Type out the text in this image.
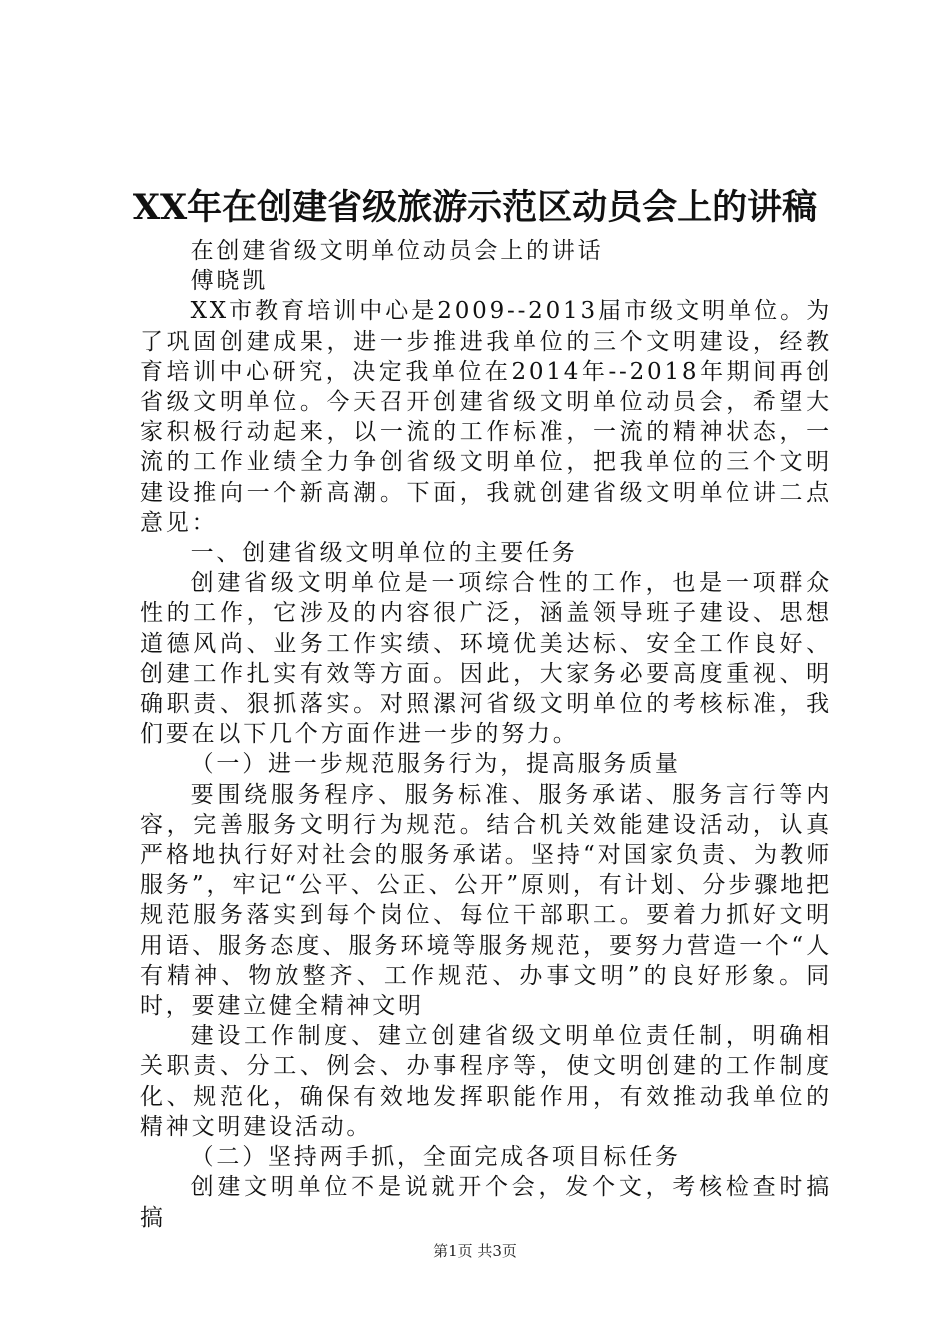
XX年在创建省级旅游示范区动员会上的讲稿

在创建省级文明单位动员会上的讲话

傅晓凯

XX市教育培训中心是2009--2013届市级文明单位。为了巩固创建成果，进一步推进我单位的三个文明建设，经教育培训中心研究，决定我单位在2014年--2018年期间再创省级文明单位。今天召开创建省级文明单位动员会，希望大家积极行动起来，以一流的工作标准，一流的精神状态，一流的工作业绩全力争创省级文明单位，把我单位的三个文明建设推向一个新高潮。下面，我就创建省级文明单位讲二点意见：

一、创建省级文明单位的主要任务

创建省级文明单位是一项综合性的工作，也是一项群众性的工作，它涉及的内容很广泛，涵盖领导班子建设、思想道德风尚、业务工作实绩、环境优美达标、安全工作良好、创建工作扎实有效等方面。因此，大家务必要高度重视、明确职责、狠抓落实。对照漯河省级文明单位的考核标准，我们要在以下几个方面作进一步的努力。

（一）进一步规范服务行为，提高服务质量

要围绕服务程序、服务标准、服务承诺、服务言行等内容，完善服务文明行为规范。结合机关效能建设活动，认真严格地执行好对社会的服务承诺。坚持“对国家负责、为教师服务”，牢记“公平、公正、公开”原则，有计划、分步骤地把规范服务落实到每个岗位、每位干部职工。要着力抓好文明用语、服务态度、服务环境等服务规范，要努力营造一个“人有精神、物放整齐、工作规范、办事文明”的良好形象。同时，要建立健全精神文明

建设工作制度、建立创建省级文明单位责任制，明确相关职责、分工、例会、办事程序等，使文明创建的工作制度化、规范化，确保有效地发挥职能作用，有效推动我单位的精神文明建设活动。

（二）坚持两手抓，全面完成各项目标任务

创建文明单位不是说就开个会，发个文，考核检查时搞搞

第1页 共3页
